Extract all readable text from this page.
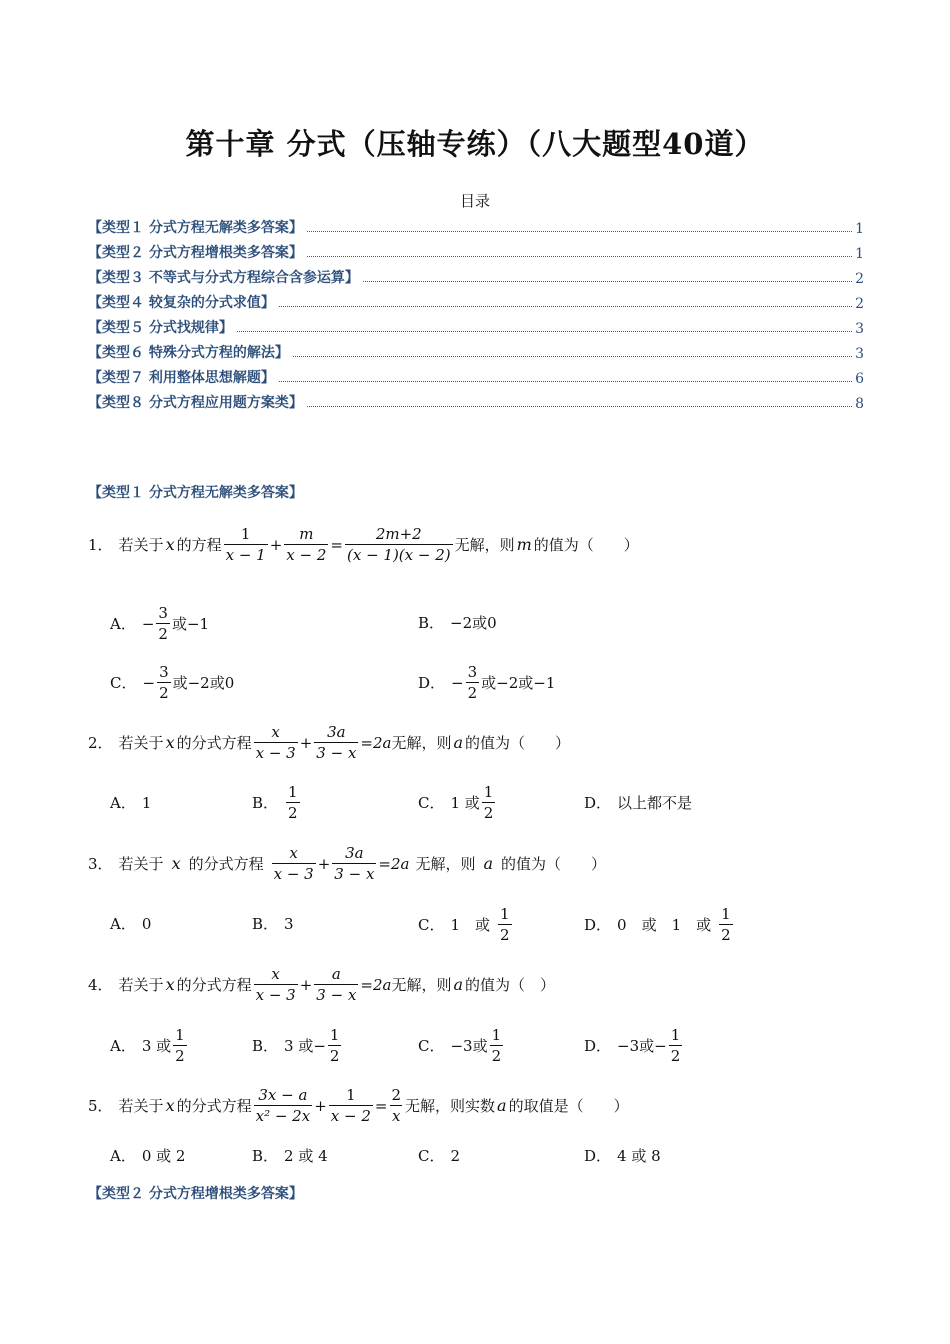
第十章 分式（压轴专练）（八大题型40道）
目录
【类型１ 分式方程无解类多答案】	1
【类型２ 分式方程增根类多答案】	1
【类型３ 不等式与分式方程综合含参运算】	2
【类型４ 较复杂的分式求值】	2
【类型５ 分式找规律】	3
【类型６ 特殊分式方程的解法】	3
【类型７ 利用整体思想解题】	6
【类型８ 分式方程应用题方案类】	8
【类型１ 分式方程无解类多答案】
1． 若关于 x 的方程 $\frac{1}{x - 1} + \frac{m}{x - 2} = \frac{2m+2}{(x - 1)(x - 2)}$ 无解，则 m 的值为（　　）
A． − $\frac{3}{2}$ 或−1	B． −2或0
C． − $\frac{3}{2}$ 或−2或0	D． − $\frac{3}{2}$ 或−2或−1
2． 若关于 x 的分式方程 $\frac{x}{x - 3} + \frac{3a}{3 - x} =2a$ 无解，则 a 的值为（　　）
A． 1	B． $\frac{1}{2}$	C． 1 或 $\frac{1}{2}$	D． 以上都不是
3． 若关于 x 的分式方程 $\frac{x}{x - 3} + \frac{3a}{3 - x} =2a$ 无解，则 a 的值为（　　）
A． 0	B． 3	C． 1　或 $\frac{1}{2}$	D． 0　或　1　或 $\frac{1}{2}$
4． 若关于 x 的分式方程 $\frac{x}{x - 3} + \frac{a}{3 - x} =2a$ 无解，则 a 的值为（　）
A． 3 或 $\frac{1}{2}$	B． 3 或− $\frac{1}{2}$	C． −3或 $\frac{1}{2}$	D． −3或− $\frac{1}{2}$
5． 若关于 x 的分式方程 $\frac{3x - a}{\text{x² − 2x}} + \frac{1}{x - 2} = \frac{2}{x}$ 无解，则实数 a 的取值是（　　）
A． 0 或 2	B． 2 或 4	C． 2	D． 4 或 8
【类型２ 分式方程增根类多答案】
